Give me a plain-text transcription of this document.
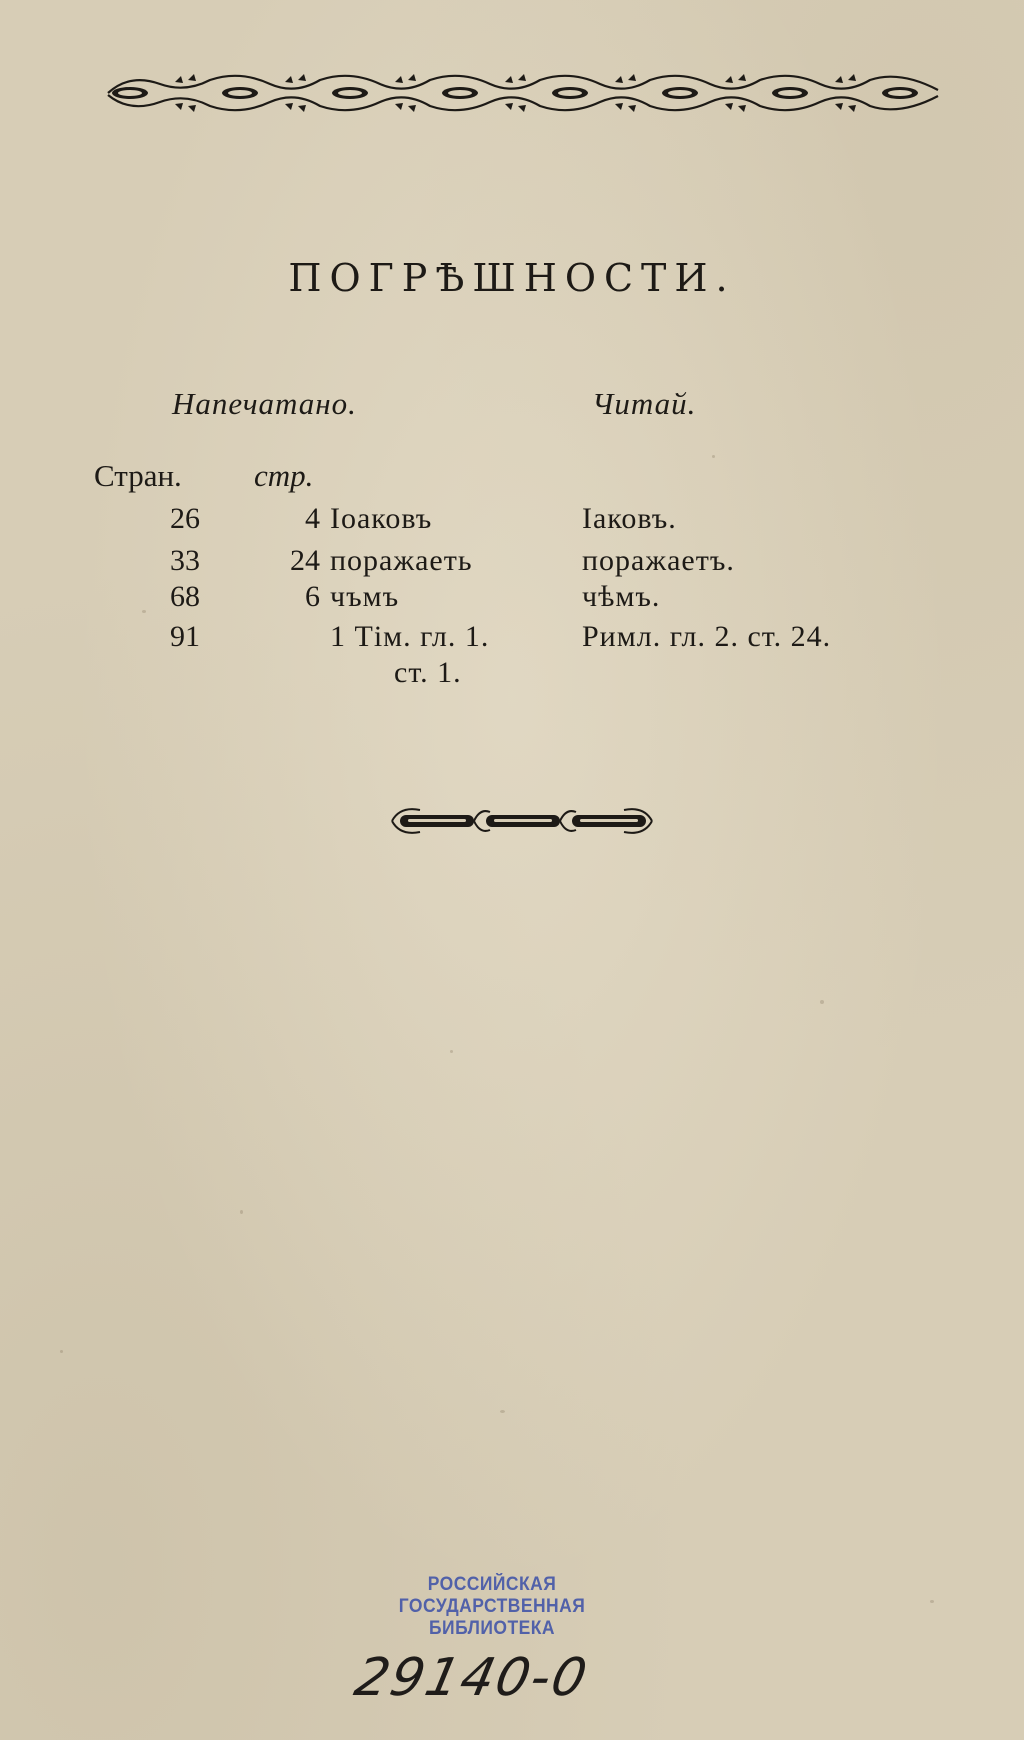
ПОГРѢШНОСТИ.
Напечатано.	Читай.
Стран. стр.
26	4 Іоаковъ	Іаковъ.
33	24 поражаеть	поражаетъ.
68	6 чъмъ	чѣмъ.
91	1 Тім. гл. 1.	Римл. гл. 2. ст. 24.
ст. 1.
РОССИЙСКАЯ
ГОСУДАРСТВЕННАЯ
БИБЛИОТЕКА
29140-0
